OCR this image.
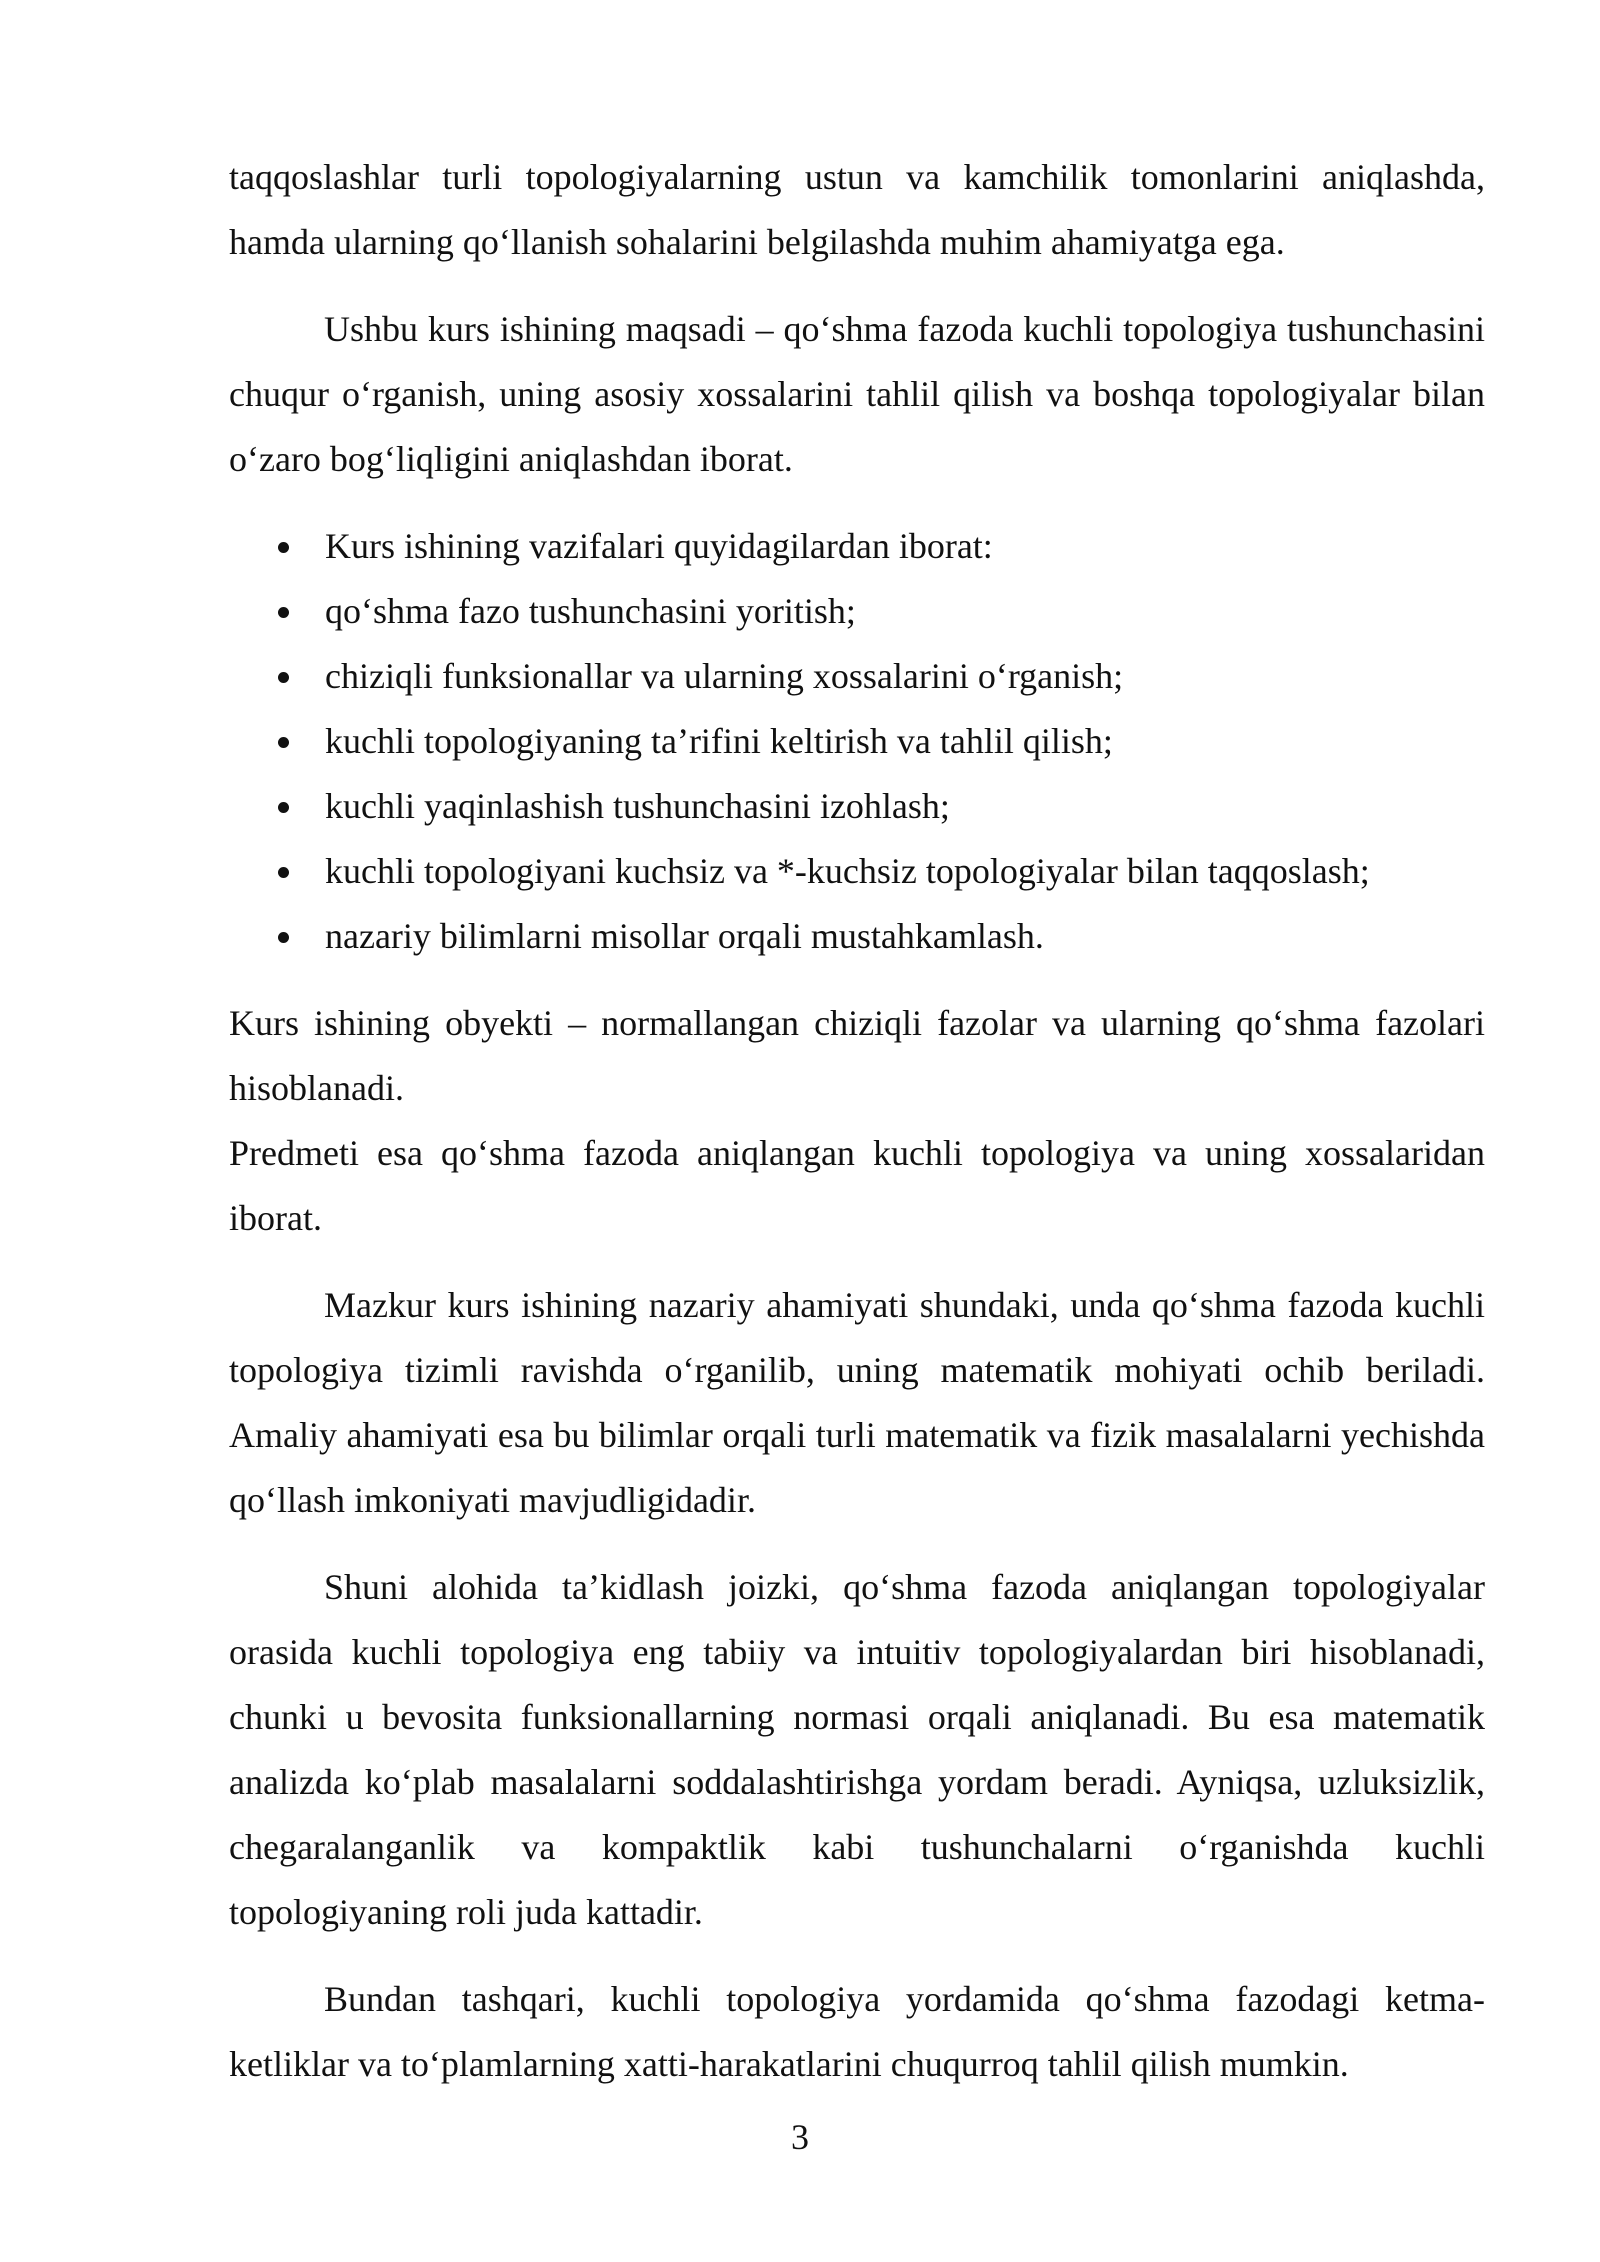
taqqoslashlar turli topologiyalarning ustun va kamchilik tomonlarini aniqlashda, hamda ularning qo‘llanish sohalarini belgilashda muhim ahamiyatga ega.

Ushbu kurs ishining maqsadi – qo‘shma fazoda kuchli topologiya tushunchasini chuqur o‘rganish, uning asosiy xossalarini tahlil qilish va boshqa topologiyalar bilan o‘zaro bog‘liqligini aniqlashdan iborat.

Kurs ishining vazifalari quyidagilardan iborat:
qo‘shma fazo tushunchasini yoritish;
chiziqli funksionallar va ularning xossalarini o‘rganish;
kuchli topologiyaning ta’rifini keltirish va tahlil qilish;
kuchli yaqinlashish tushunchasini izohlash;
kuchli topologiyani kuchsiz va *-kuchsiz topologiyalar bilan taqqoslash;
nazariy bilimlarni misollar orqali mustahkamlash.

Kurs ishining obyekti – normallangan chiziqli fazolar va ularning qo‘shma fazolari hisoblanadi.

Predmeti esa qo‘shma fazoda aniqlangan kuchli topologiya va uning xossalaridan iborat.

Mazkur kurs ishining nazariy ahamiyati shundaki, unda qo‘shma fazoda kuchli topologiya tizimli ravishda o‘rganilib, uning matematik mohiyati ochib beriladi. Amaliy ahamiyati esa bu bilimlar orqali turli matematik va fizik masalalarni yechishda qo‘llash imkoniyati mavjudligidadir.

Shuni alohida ta’kidlash joizki, qo‘shma fazoda aniqlangan topologiyalar orasida kuchli topologiya eng tabiiy va intuitiv topologiyalardan biri hisoblanadi, chunki u bevosita funksionallarning normasi orqali aniqlanadi. Bu esa matematik analizda ko‘plab masalalarni soddalashtirishga yordam beradi. Ayniqsa, uzluksizlik, chegaralanganlik va kompaktlik kabi tushunchalarni o‘rganishda kuchli topologiyaning roli juda kattadir.

Bundan tashqari, kuchli topologiya yordamida qo‘shma fazodagi ketma-ketliklar va to‘plamlarning xatti-harakatlarini chuqurroq tahlil qilish mumkin.

3
